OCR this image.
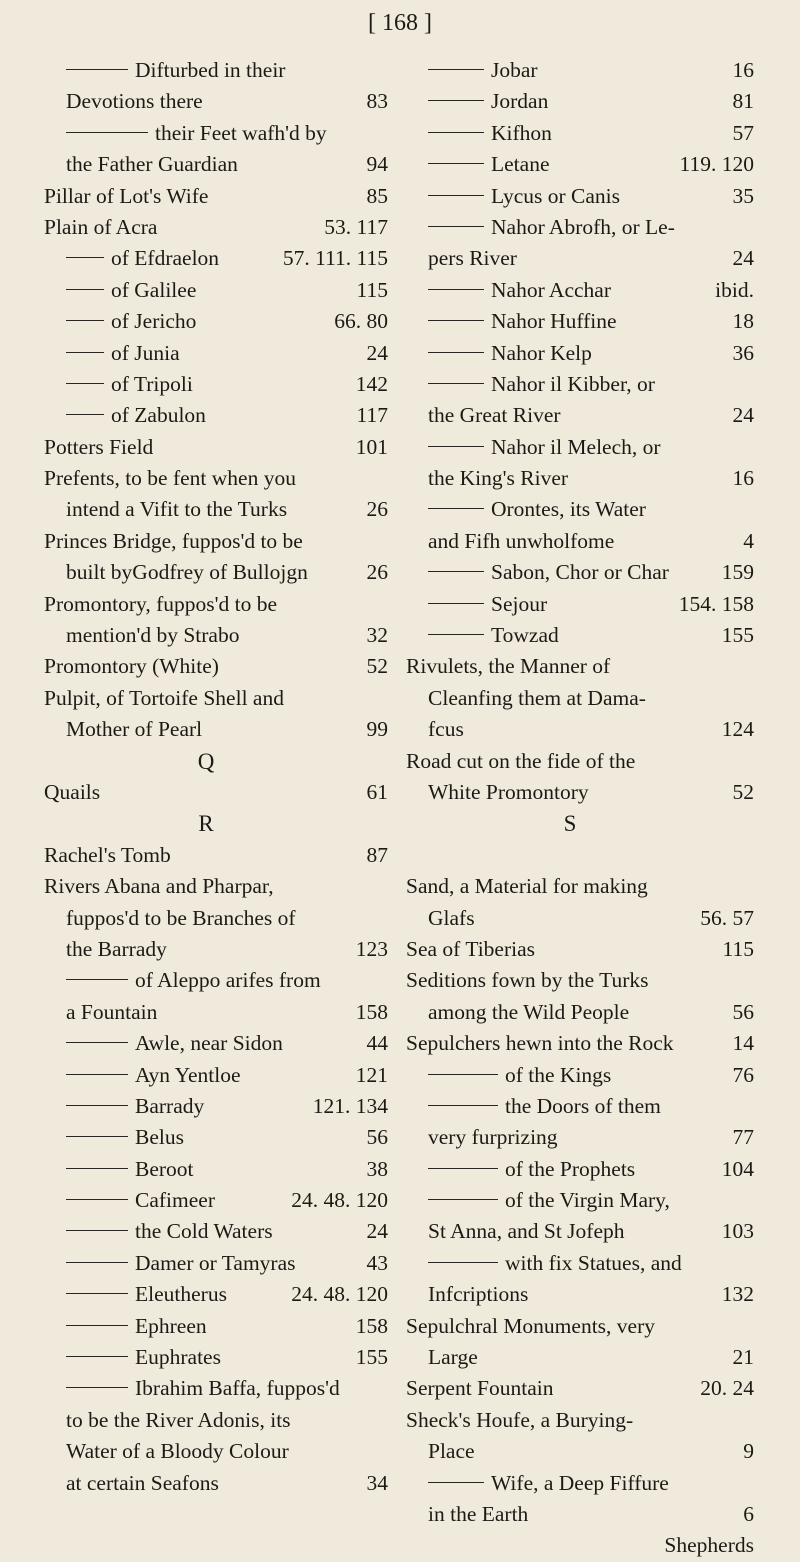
[ 168 ]
Difturbed in their
Devotions there	83
their Feet wafh'd by
the Father Guardian	94
Pillar of Lot's Wife	85
Plain of Acra	53. 117
of Efdraelon	57. 111. 115
of Galilee	115
of Jericho	66. 80
of Junia	24
of Tripoli	142
of Zabulon	117
Potters Field	101
Prefents, to be fent when you
intend a Vifit to the Turks	26
Princes Bridge, fuppos'd to be
built byGodfrey of Bullojgn	26
Promontory, fuppos'd to be
mention'd by Strabo	32
Promontory (White)	52
Pulpit, of Tortoife Shell and
Mother of Pearl	99
Q
Quails	61
R
Rachel's Tomb	87
Rivers Abana and Pharpar,
fuppos'd to be Branches of
the Barrady	123
of Aleppo arifes from
a Fountain	158
Awle, near Sidon	44
Ayn Yentloe	121
Barrady	121. 134
Belus	56
Beroot	38
Cafimeer	24. 48. 120
the Cold Waters	24
Damer or Tamyras	43
Eleutherus	24. 48. 120
Ephreen	158
Euphrates	155
Ibrahim Baffa, fuppos'd
to be the River Adonis, its
Water of a Bloody Colour
at certain Seafons	34
Jobar	16
Jordan	81
Kifhon	57
Letane	119. 120
Lycus or Canis	35
Nahor Abrofh, or Le-
pers River	24
Nahor Acchar	ibid.
Nahor Huffine	18
Nahor Kelp	36
Nahor il Kibber, or
the Great River	24
Nahor il Melech, or
the King's River	16
Orontes, its Water
and Fifh unwholfome	4
Sabon, Chor or Char	159
Sejour	154. 158
Towzad	155
Rivulets, the Manner of
Cleanfing them at Dama-
fcus	124
Road cut on the fide of the
White Promontory	52
S
Sand, a Material for making
Glafs	56. 57
Sea of Tiberias	115
Seditions fown by the Turks
among the Wild People	56
Sepulchers hewn into the Rock	14
of the Kings	76
the Doors of them
very furprizing	77
of the Prophets	104
of the Virgin Mary,
St Anna, and St Jofeph	103
with fix Statues, and
Infcriptions	132
Sepulchral Monuments, very
Large	21
Serpent Fountain	20. 24
Sheck's Houfe, a Burying-
Place	9
Wife, a Deep Fiffure
in the Earth	6
Shepherds
